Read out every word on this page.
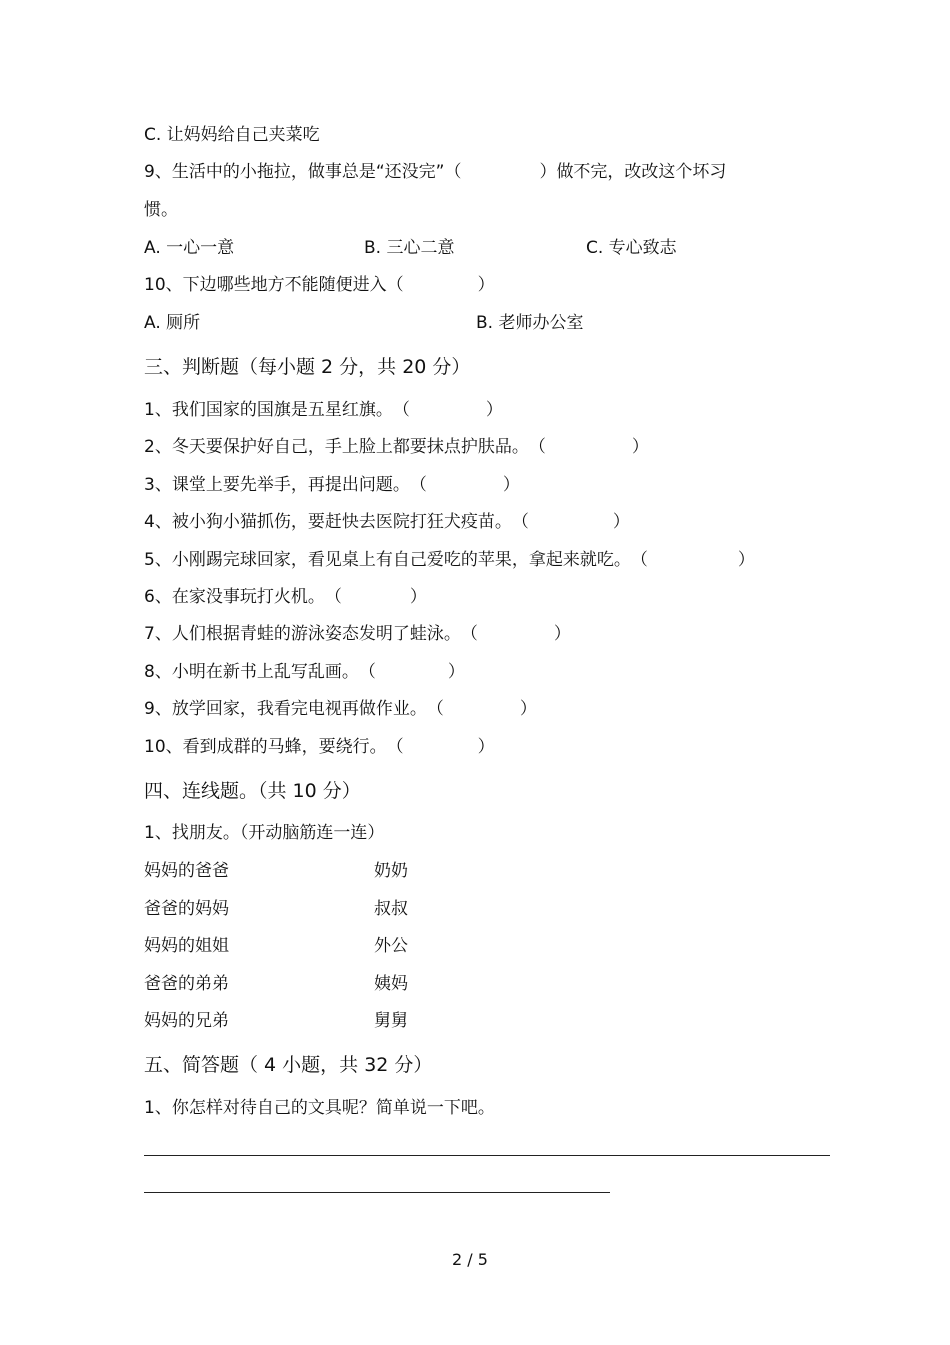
C. 让妈妈给自己夹菜吃
9、生活中的小拖拉，做事总是“还没完”（	）做不完，改改这个坏习
惯。
A. 一心一意	B. 三心二意	C. 专心致志
10、下边哪些地方不能随便进入（	）
A. 厕所	B. 老师办公室
三、判断题（每小题 2 分，共 20 分）
1、我们国家的国旗是五星红旗。（	）
2、冬天要保护好自己，手上脸上都要抹点护肤品。（	）
3、课堂上要先举手，再提出问题。（	）
4、被小狗小猫抓伤，要赶快去医院打狂犬疫苗。（	）
5、小刚踢完球回家，看见桌上有自己爱吃的苹果，拿起来就吃。（	）
6、在家没事玩打火机。（	）
7、人们根据青蛙的游泳姿态发明了蛙泳。（	）
8、小明在新书上乱写乱画。（	）
9、放学回家，我看完电视再做作业。（	）
10、看到成群的马蜂，要绕行。（	）
四、连线题。（共 10 分）
1、找朋友。（开动脑筋连一连）
妈妈的爸爸	奶奶
爸爸的妈妈	叔叔
妈妈的姐姐	外公
爸爸的弟弟	姨妈
妈妈的兄弟	舅舅
五、简答题（ 4 小题，共 32 分）
1、你怎样对待自己的文具呢？简单说一下吧。
2 / 5
